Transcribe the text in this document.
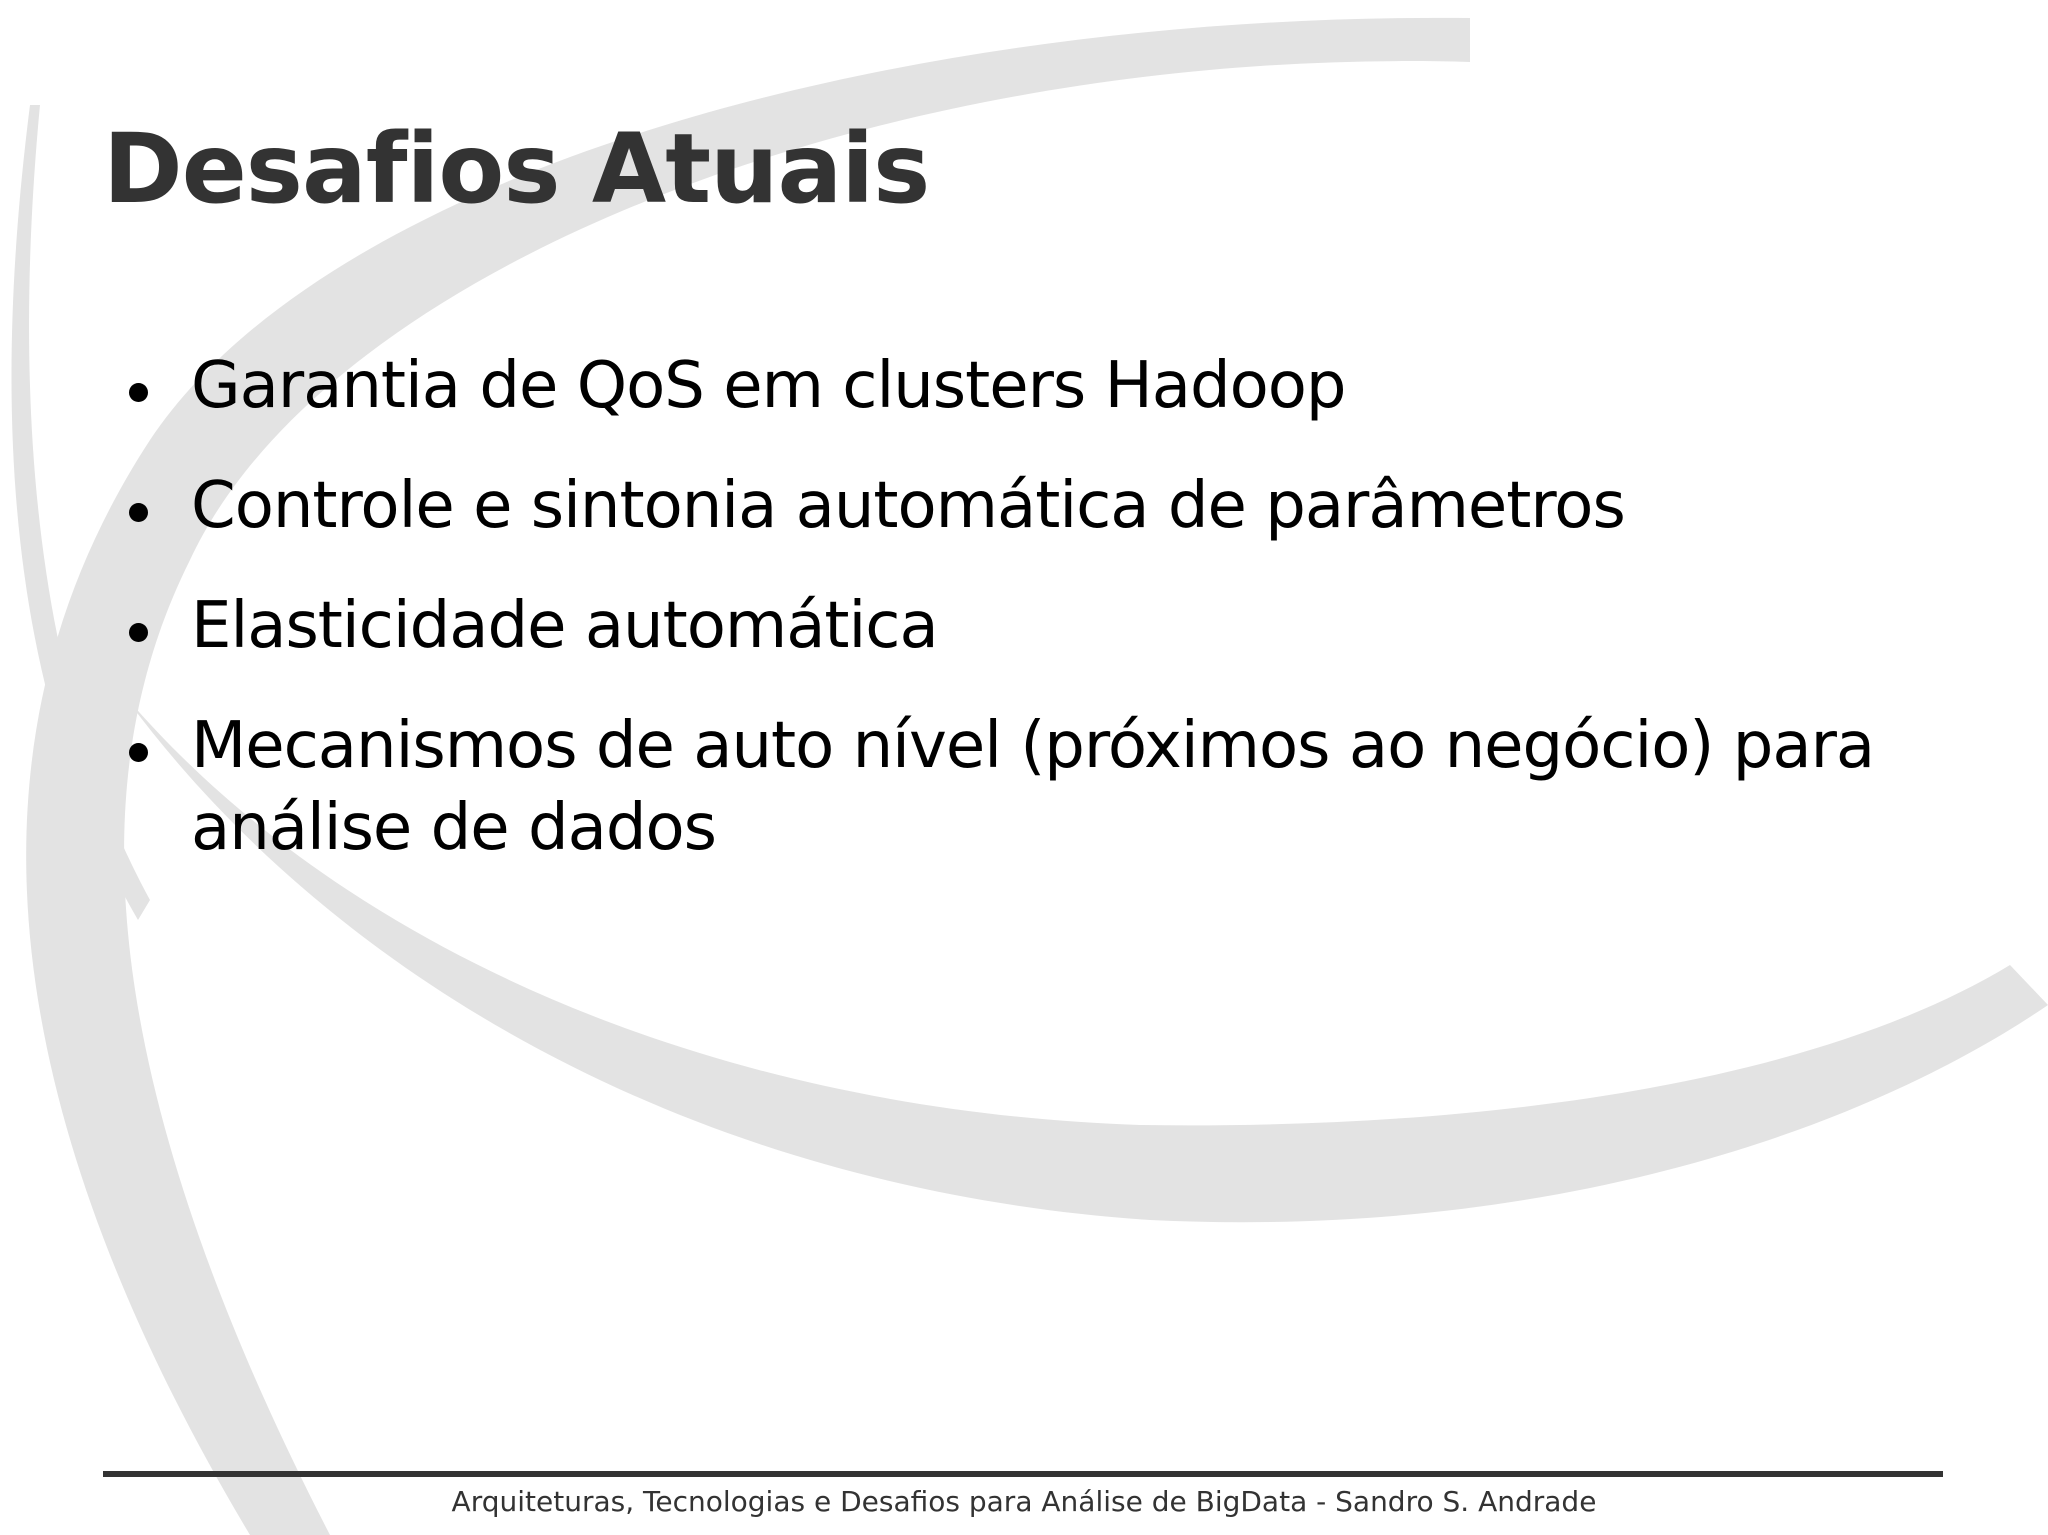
Desafios Atuais
Garantia de QoS em clusters Hadoop
Controle e sintonia automática de parâmetros
Elasticidade automática
Mecanismos de auto nível (próximos ao negócio) para análise de dados
Arquiteturas, Tecnologias e Desafios para Análise de BigData - Sandro S. Andrade
